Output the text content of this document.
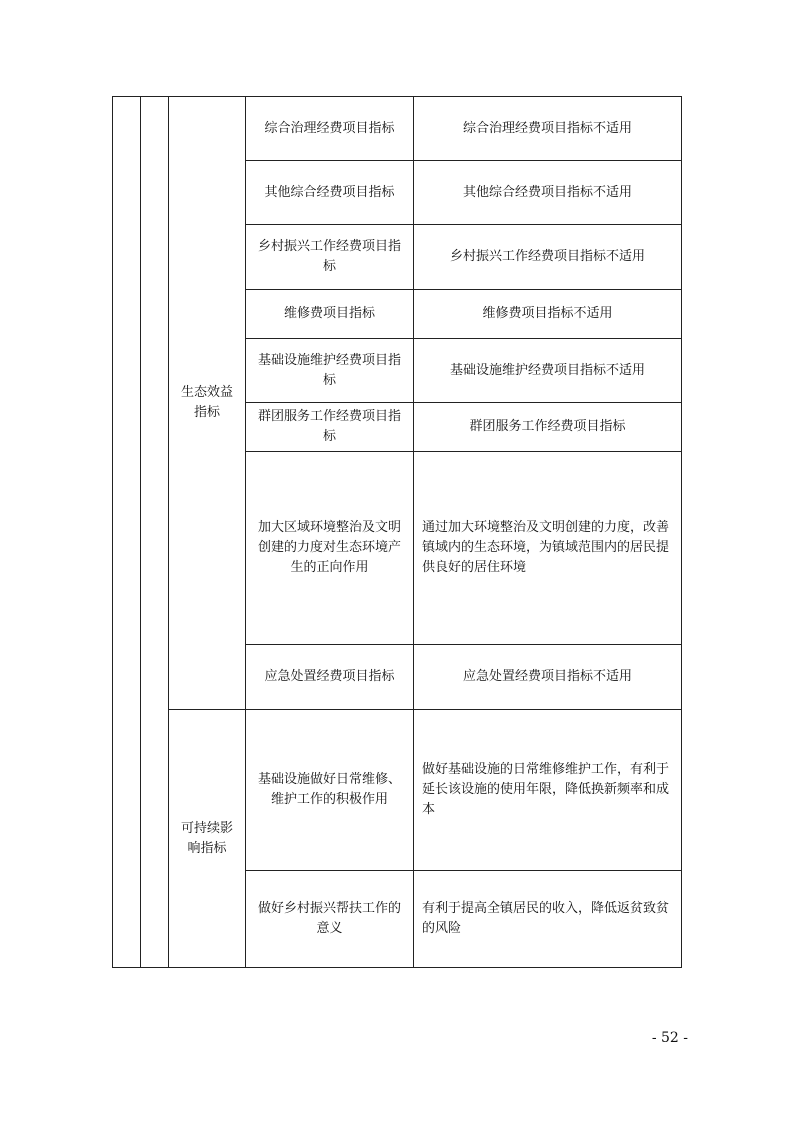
		生态效益指标	综合治理经费项目指标	综合治理经费项目指标不适用
			其他综合经费项目指标	其他综合经费项目指标不适用
			乡村振兴工作经费项目指标	乡村振兴工作经费项目指标不适用
			维修费项目指标	维修费项目指标不适用
			基础设施维护经费项目指标	基础设施维护经费项目指标不适用
			群团服务工作经费项目指标	群团服务工作经费项目指标
			加大区域环境整治及文明创建的力度对生态环境产生的正向作用	通过加大环境整治及文明创建的力度，改善镇域内的生态环境，为镇域范围内的居民提供良好的居住环境
			应急处置经费项目指标	应急处置经费项目指标不适用
		可持续影响指标	基础设施做好日常维修、维护工作的积极作用	做好基础设施的日常维修维护工作，有利于延长该设施的使用年限，降低换新频率和成本
			做好乡村振兴帮扶工作的意义	有利于提高全镇居民的收入，降低返贫致贫的风险
- 52 -
